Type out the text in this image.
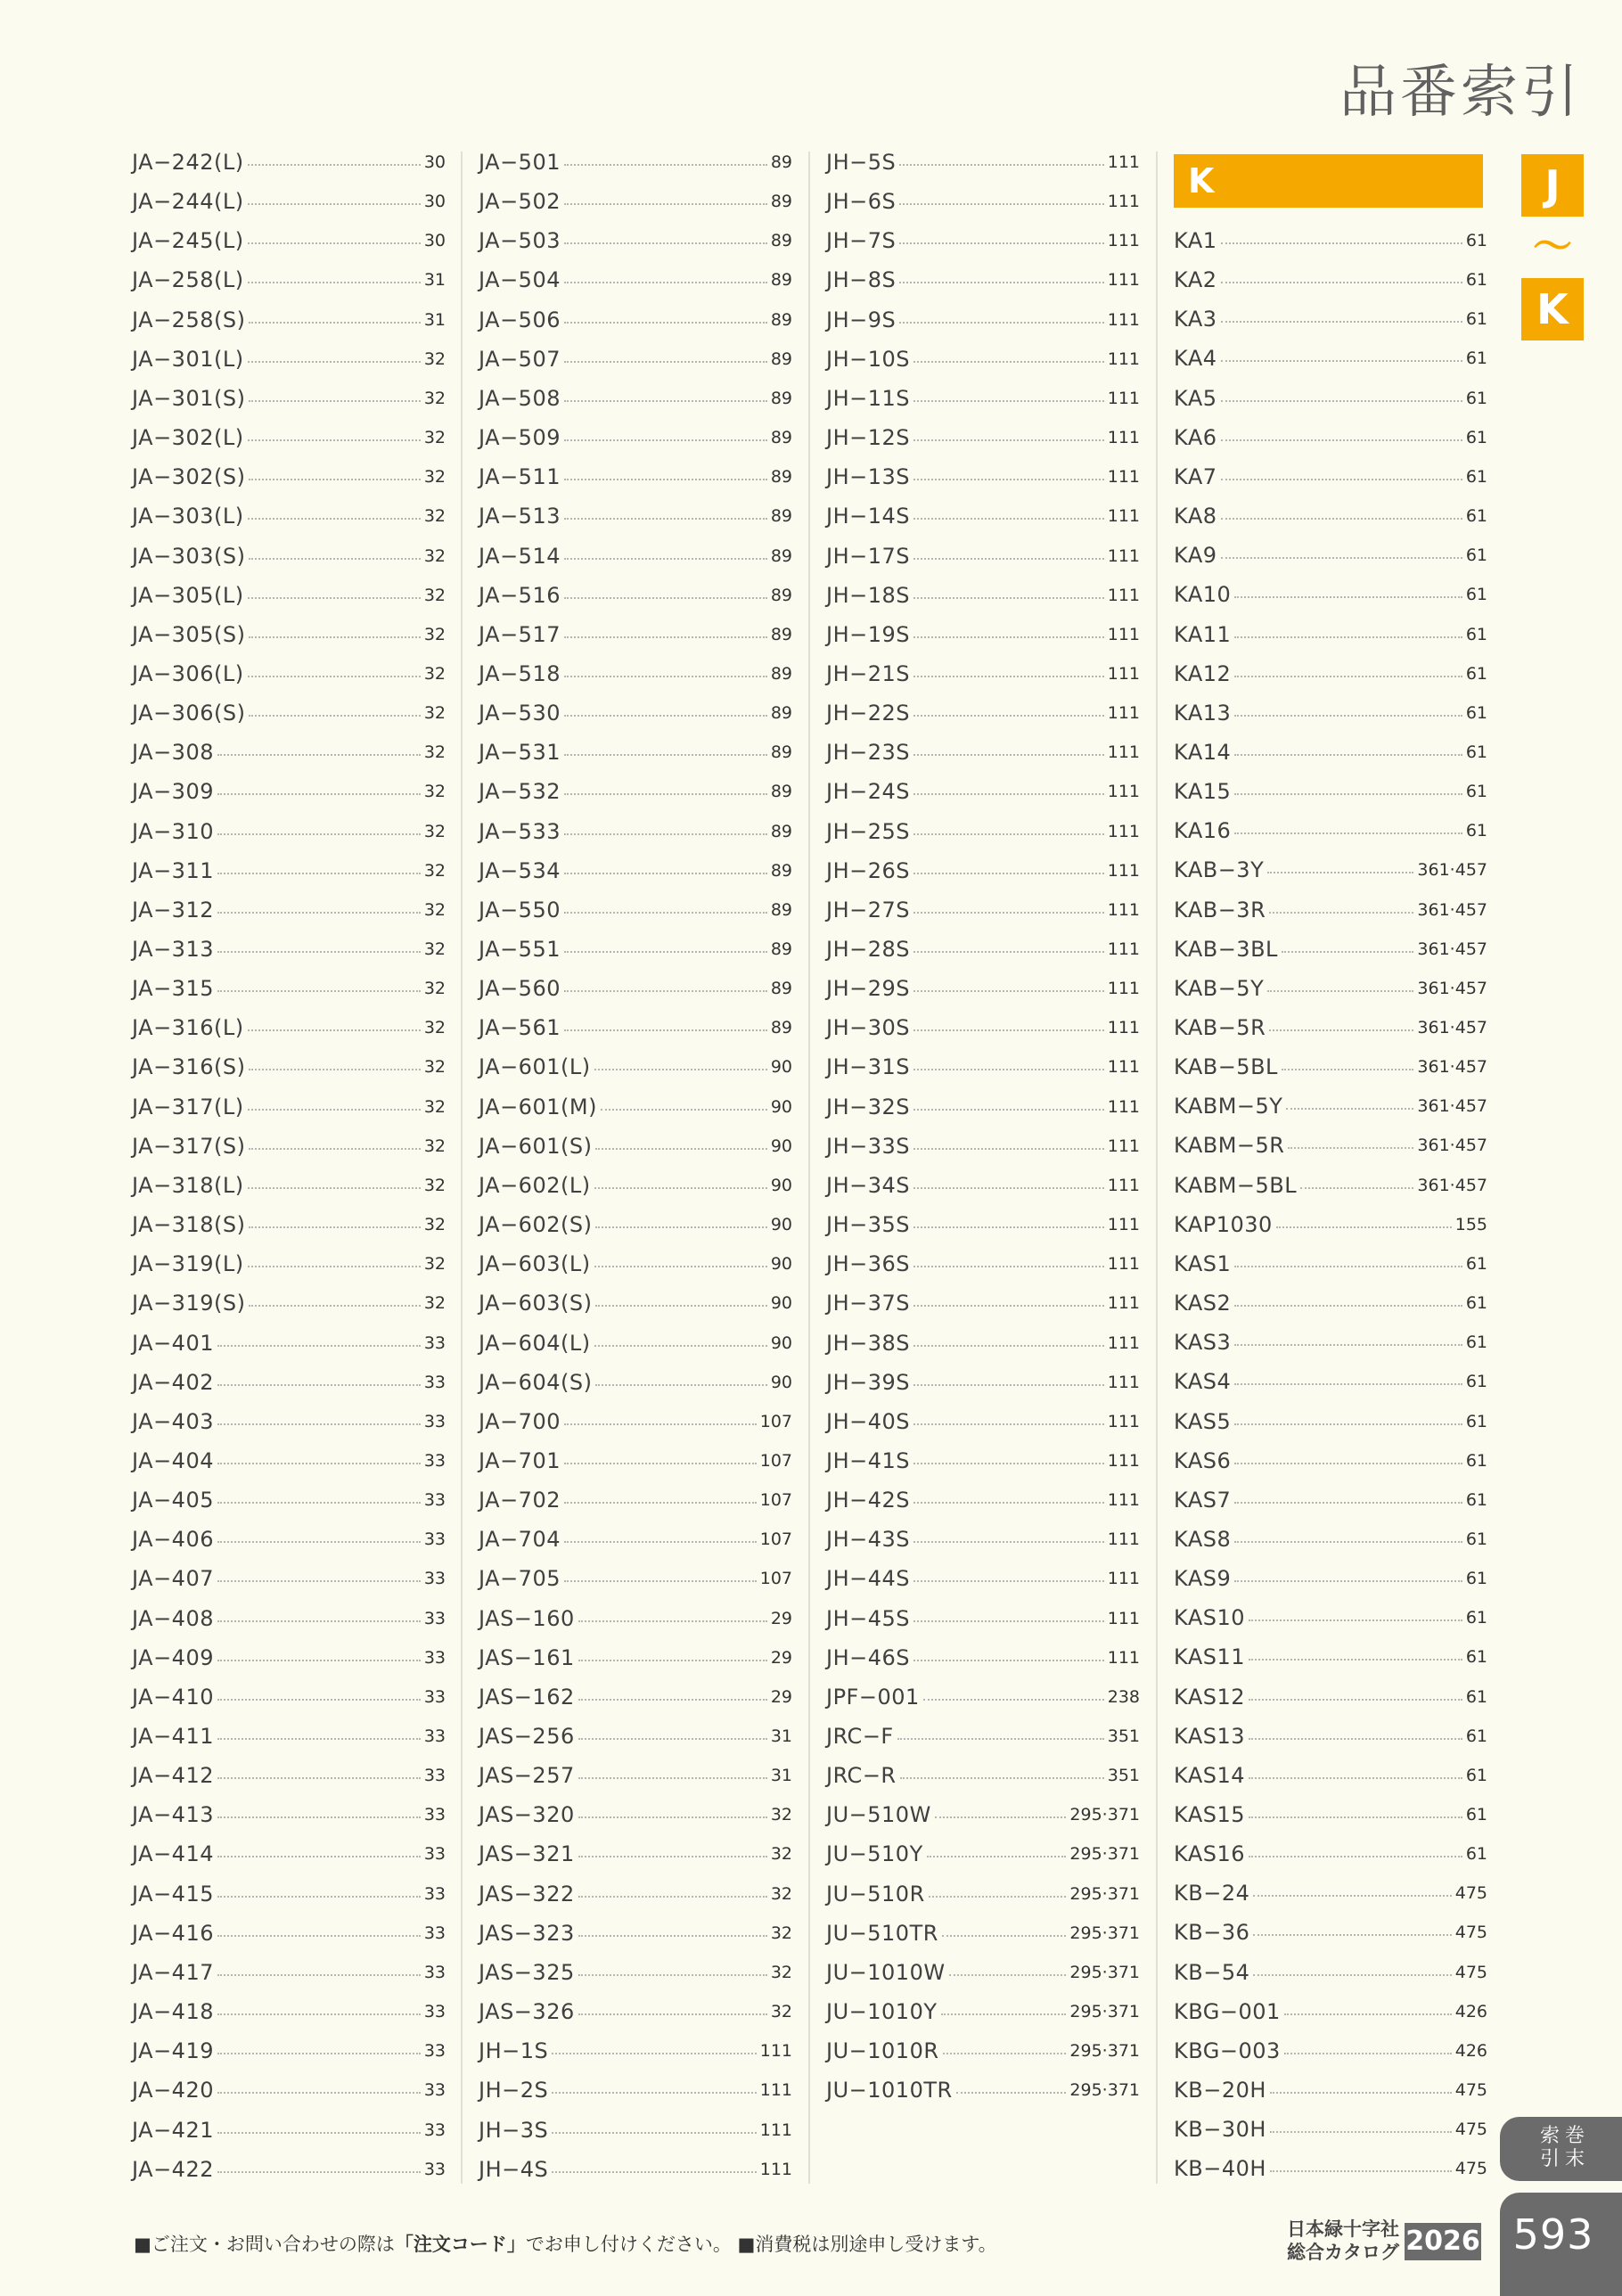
品番索引
JA−242(L)	30
JA−244(L)	30
JA−245(L)	30
JA−258(L)	31
JA−258(S)	31
JA−301(L)	32
JA−301(S)	32
JA−302(L)	32
JA−302(S)	32
JA−303(L)	32
JA−303(S)	32
JA−305(L)	32
JA−305(S)	32
JA−306(L)	32
JA−306(S)	32
JA−308	32
JA−309	32
JA−310	32
JA−311	32
JA−312	32
JA−313	32
JA−315	32
JA−316(L)	32
JA−316(S)	32
JA−317(L)	32
JA−317(S)	32
JA−318(L)	32
JA−318(S)	32
JA−319(L)	32
JA−319(S)	32
JA−401	33
JA−402	33
JA−403	33
JA−404	33
JA−405	33
JA−406	33
JA−407	33
JA−408	33
JA−409	33
JA−410	33
JA−411	33
JA−412	33
JA−413	33
JA−414	33
JA−415	33
JA−416	33
JA−417	33
JA−418	33
JA−419	33
JA−420	33
JA−421	33
JA−422	33
JA−501	89
JA−502	89
JA−503	89
JA−504	89
JA−506	89
JA−507	89
JA−508	89
JA−509	89
JA−511	89
JA−513	89
JA−514	89
JA−516	89
JA−517	89
JA−518	89
JA−530	89
JA−531	89
JA−532	89
JA−533	89
JA−534	89
JA−550	89
JA−551	89
JA−560	89
JA−561	89
JA−601(L)	90
JA−601(M)	90
JA−601(S)	90
JA−602(L)	90
JA−602(S)	90
JA−603(L)	90
JA−603(S)	90
JA−604(L)	90
JA−604(S)	90
JA−700	107
JA−701	107
JA−702	107
JA−704	107
JA−705	107
JAS−160	29
JAS−161	29
JAS−162	29
JAS−256	31
JAS−257	31
JAS−320	32
JAS−321	32
JAS−322	32
JAS−323	32
JAS−325	32
JAS−326	32
JH−1S	111
JH−2S	111
JH−3S	111
JH−4S	111
JH−5S	111
JH−6S	111
JH−7S	111
JH−8S	111
JH−9S	111
JH−10S	111
JH−11S	111
JH−12S	111
JH−13S	111
JH−14S	111
JH−17S	111
JH−18S	111
JH−19S	111
JH−21S	111
JH−22S	111
JH−23S	111
JH−24S	111
JH−25S	111
JH−26S	111
JH−27S	111
JH−28S	111
JH−29S	111
JH−30S	111
JH−31S	111
JH−32S	111
JH−33S	111
JH−34S	111
JH−35S	111
JH−36S	111
JH−37S	111
JH−38S	111
JH−39S	111
JH−40S	111
JH−41S	111
JH−42S	111
JH−43S	111
JH−44S	111
JH−45S	111
JH−46S	111
JPF−001	238
JRC−F	351
JRC−R	351
JU−510W	295·371
JU−510Y	295·371
JU−510R	295·371
JU−510TR	295·371
JU−1010W	295·371
JU−1010Y	295·371
JU−1010R	295·371
JU−1010TR	295·371
KA1	61
KA2	61
KA3	61
KA4	61
KA5	61
KA6	61
KA7	61
KA8	61
KA9	61
KA10	61
KA11	61
KA12	61
KA13	61
KA14	61
KA15	61
KA16	61
KAB−3Y	361·457
KAB−3R	361·457
KAB−3BL	361·457
KAB−5Y	361·457
KAB−5R	361·457
KAB−5BL	361·457
KABM−5Y	361·457
KABM−5R	361·457
KABM−5BL	361·457
KAP1030	155
KAS1	61
KAS2	61
KAS3	61
KAS4	61
KAS5	61
KAS6	61
KAS7	61
KAS8	61
KAS9	61
KAS10	61
KAS11	61
KAS12	61
KAS13	61
KAS14	61
KAS15	61
KAS16	61
KB−24	475
KB−36	475
KB−54	475
KBG−001	426
KBG−003	426
KB−20H	475
KB−30H	475
KB−40H	475
K	J
〜
K
索
引
巻
末
593
■ご注文・お問い合わせの際は「注文コード」でお申し付けください。 ■消費税は別途申し受けます。
日本緑十字社
総合カタログ 2026
